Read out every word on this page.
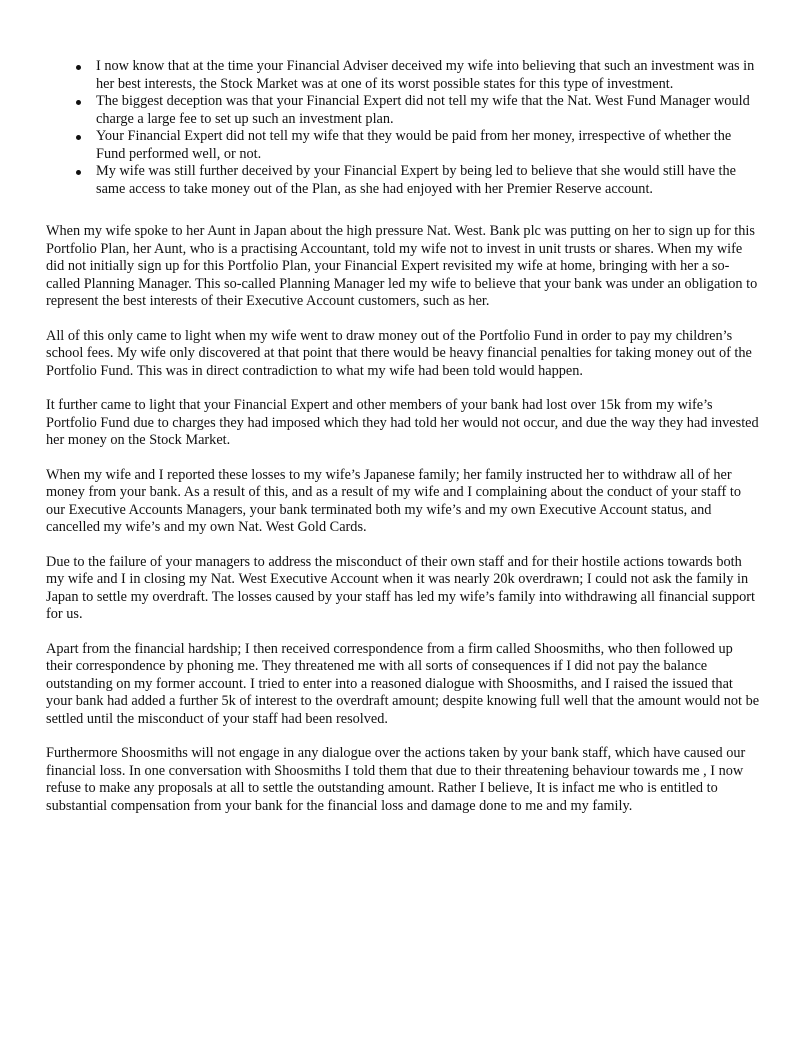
I now know that at the time your Financial Adviser deceived my wife into believing that such an investment was in her best interests, the Stock Market was at one of its worst possible states for this type of investment.
The biggest deception was that your Financial Expert did not tell my wife that the Nat. West Fund Manager would charge a large fee to set up such an investment plan.
Your Financial Expert did not tell my wife that they would be paid from her money, irrespective of whether the Fund performed well, or not.
My wife was still further deceived by your Financial Expert by being led to believe that she would still have the same access to take money out of the Plan, as she had enjoyed with her Premier Reserve account.

When my wife spoke to her Aunt in Japan about the high pressure Nat. West. Bank plc was putting on her to sign up for this Portfolio Plan, her Aunt, who is a practising Accountant, told my wife not to invest in unit trusts or shares. When my wife did not initially sign up for this Portfolio Plan, your Financial Expert revisited my wife at home, bringing with her a so-called Planning Manager. This so-called Planning Manager led my wife to believe that your bank was under an obligation to represent the best interests of their Executive Account customers, such as her.

All of this only came to light when my wife went to draw money out of the Portfolio Fund in order to pay my children’s school fees. My wife only discovered at that point that there would be heavy financial penalties for taking money out of the Portfolio Fund. This was in direct contradiction to what my wife had been told would happen.

It further came to light that your Financial Expert and other members of your bank had lost over 15k from my wife’s Portfolio Fund due to charges they had imposed which they had told her would not occur, and due the way they had invested her money on the Stock Market.

When my wife and I reported these losses to my wife’s Japanese family; her family instructed her to withdraw all of her money from your bank. As a result of this, and as a result of my wife and I complaining about the conduct of your staff to our Executive Accounts Managers, your bank terminated both my wife’s and my own Executive Account status, and cancelled my wife’s and my own Nat. West Gold Cards.

Due to the failure of your managers to address the misconduct of their own staff and for their hostile actions towards both my wife and I in closing my Nat. West Executive Account when it was nearly 20k overdrawn; I could not ask the family in Japan to settle my overdraft. The losses caused by your staff has led my wife’s family into withdrawing all financial support for us.

Apart from the financial hardship; I then received correspondence from a firm called Shoosmiths, who then followed up their correspondence by phoning me. They threatened me with all sorts of consequences if I did not pay the balance outstanding on my former account. I tried to enter into a reasoned dialogue with Shoosmiths, and I raised the issued that your bank had added a further 5k of interest to the overdraft amount; despite knowing full well that the amount would not be settled until the misconduct of your staff had been resolved.

Furthermore Shoosmiths will not engage in any dialogue over the actions taken by your bank staff, which have caused our financial loss. In one conversation with Shoosmiths I told them that due to their threatening behaviour towards me , I now refuse to make any proposals at all to settle the outstanding amount. Rather I believe, It is infact me who is entitled to substantial compensation from your bank for the financial loss and damage done to me and my family.
